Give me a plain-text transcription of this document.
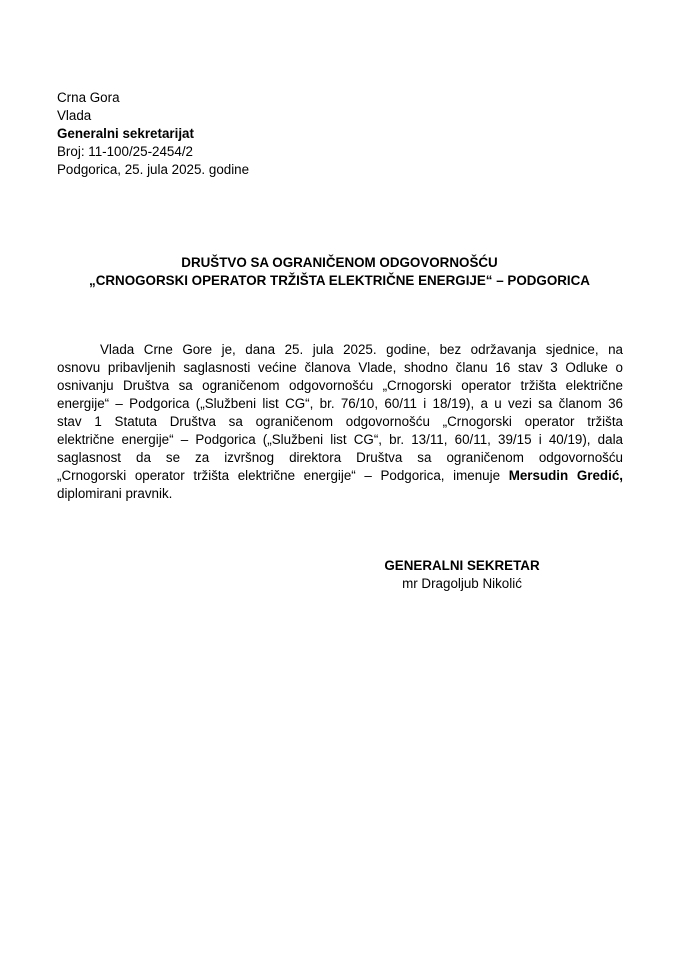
Crna Gora
Vlada
Generalni sekretarijat
Broj: 11-100/25-2454/2
Podgorica, 25. jula 2025. godine
DRUŠTVO SA OGRANIČENOM ODGOVORNOŠĆU
„CRNOGORSKI OPERATOR TRŽIŠTA ELEKTRIČNE ENERGIJE“ – PODGORICA
Vlada Crne Gore je, dana 25. jula 2025. godine, bez održavanja sjednice, na
osnovu pribavljenih saglasnosti većine članova Vlade, shodno članu 16 stav 3 Odluke o
osnivanju Društva sa ograničenom odgovornošću „Crnogorski operator tržišta električne
energije“ – Podgorica („Službeni list CG“, br. 76/10, 60/11 i 18/19), a u vezi sa članom 36
stav 1 Statuta Društva sa ograničenom odgovornošću „Crnogorski operator tržišta
električne energije“ – Podgorica („Službeni list CG“, br. 13/11, 60/11, 39/15 i 40/19), dala
saglasnost da se za izvršnog direktora Društva sa ograničenom odgovornošću
„Crnogorski operator tržišta električne energije“ – Podgorica, imenuje Mersudin Gredić,
diplomirani pravnik.
GENERALNI SEKRETAR
mr Dragoljub Nikolić
